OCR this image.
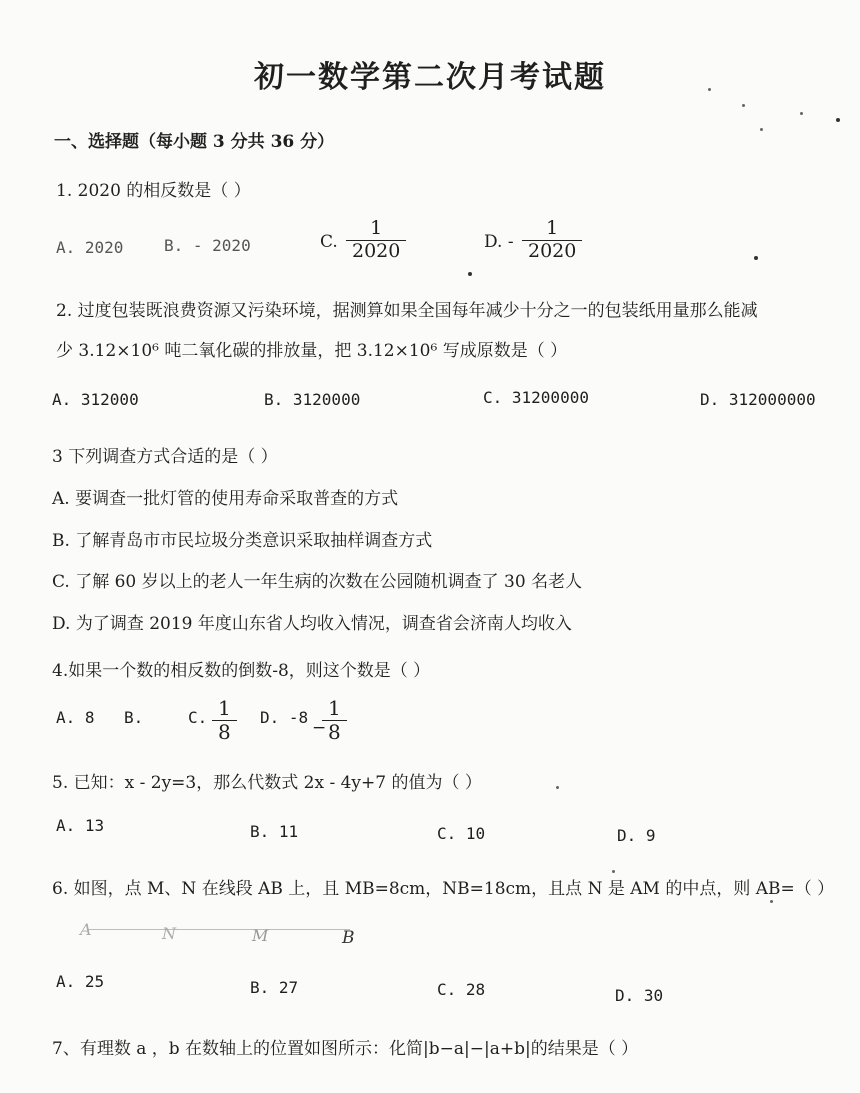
初一数学第二次月考试题
一、选择题（每小题 3 分共 36 分）
1. 2020 的相反数是（ ）
A. 2020	B. - 2020	C. $\frac{1}{2020}$	D. - $\frac{1}{2020}$
2. 过度包装既浪费资源又污染环境，据测算如果全国每年减少十分之一的包装纸用量那么能减
少 3.12×10⁶ 吨二氧化碳的排放量，把 3.12×10⁶ 写成原数是（ ）
A. 312000	B. 3120000	C. 31200000	D. 312000000
3 下列调查方式合适的是（ ）
A. 要调查一批灯管的使用寿命采取普查的方式
B. 了解青岛市市民垃圾分类意识采取抽样调查方式
C. 了解 60 岁以上的老人一年生病的次数在公园随机调查了 30 名老人
D. 为了调查 2019 年度山东省人均收入情况，调查省会济南人均收入
4.如果一个数的相反数的倒数-8，则这个数是（ ）
A. 8 B.	C. $\frac{1}{8} D$. -8
−
$\frac{1}{8}$
5. 已知：x - 2y=3，那么代数式 2x - 4y+7 的值为（ ）
A. 13	B. 11	C. 10	D. 9
6. 如图，点 M、N 在线段 AB 上，且 MB=8cm，NB=18cm，且点 N 是 AM 的中点，则 AB=（ ）
A	N	M	B
A. 25	B. 27	C. 28	D. 30
7、有理数 a ，b 在数轴上的位置如图所示：化简|b−a|−|a+b|的结果是（ ）
